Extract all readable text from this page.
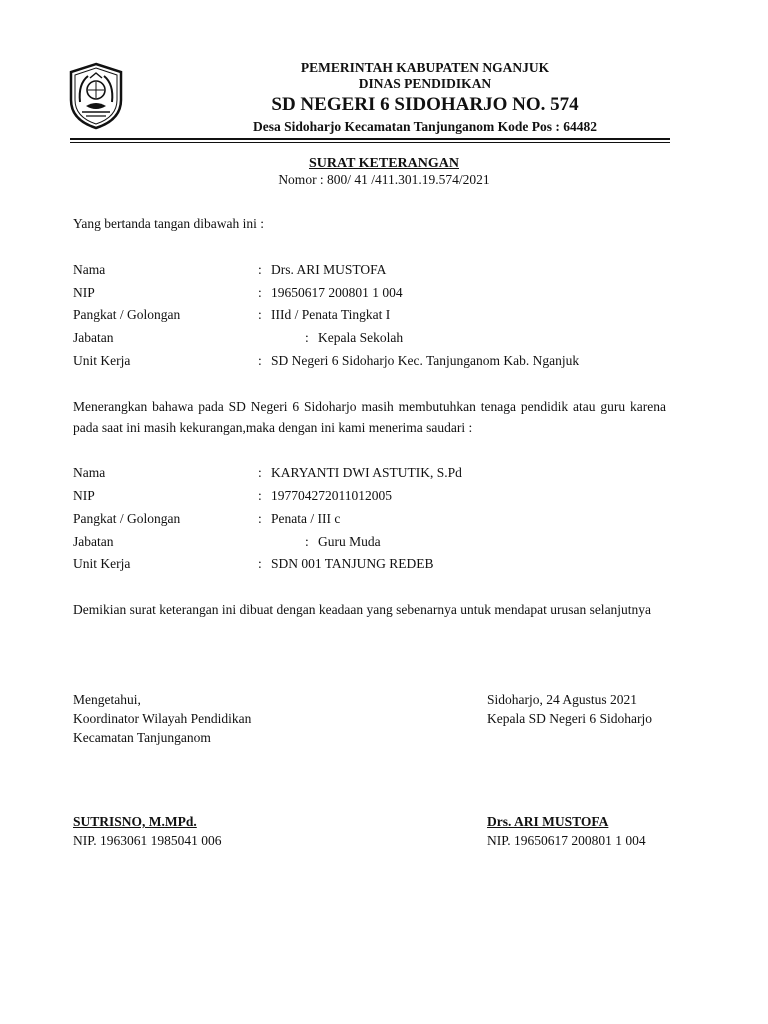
PEMERINTAH KABUPATEN NGANJUK
DINAS PENDIDIKAN
SD NEGERI 6 SIDOHARJO NO. 574
Desa Sidoharjo Kecamatan Tanjunganom Kode Pos : 64482
SURAT KETERANGAN
Nomor : 800/ 41 /411.301.19.574/2021
Yang bertanda tangan dibawah ini :
Nama	: Drs. ARI MUSTOFA
NIP	: 19650617 200801 1 004
Pangkat / Golongan	: IIId / Penata Tingkat I
Jabatan	: Kepala Sekolah
Unit Kerja	: SD Negeri 6 Sidoharjo Kec. Tanjunganom Kab. Nganjuk
Menerangkan bahawa pada SD Negeri 6 Sidoharjo masih membutuhkan tenaga pendidik atau guru karena pada saat ini masih kekurangan,maka dengan ini kami menerima saudari :
Nama	: KARYANTI DWI ASTUTIK, S.Pd
NIP	: 197704272011012005
Pangkat / Golongan	: Penata / III c
Jabatan	: Guru Muda
Unit Kerja	: SDN 001 TANJUNG REDEB
Demikian surat keterangan ini dibuat dengan keadaan yang sebenarnya untuk mendapat urusan selanjutnya
Mengetahui,
Koordinator Wilayah Pendidikan
Kecamatan Tanjunganom
SUTRISNO, M.MPd.
NIP. 1963061 1985041 006
Sidoharjo, 24 Agustus 2021
Kepala SD Negeri 6 Sidoharjo
Drs. ARI MUSTOFA
NIP. 19650617 200801 1 004
